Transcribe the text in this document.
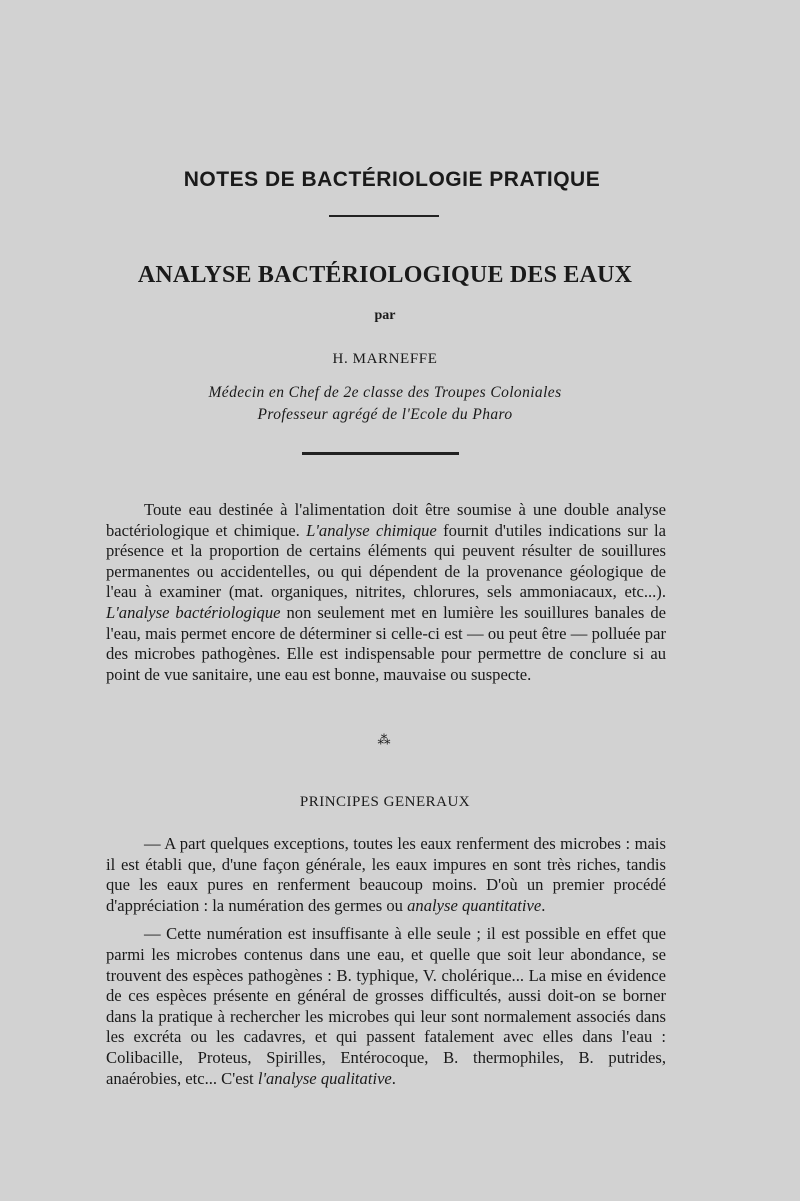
NOTES DE BACTÉRIOLOGIE PRATIQUE
ANALYSE BACTÉRIOLOGIQUE DES EAUX
par
H. MARNEFFE
Médecin en Chef de 2e classe des Troupes Coloniales
Professeur agrégé de l'Ecole du Pharo

Toute eau destinée à l'alimentation doit être soumise à une double analyse bactériologique et chimique. L'analyse chimique fournit d'utiles indications sur la présence et la proportion de certains éléments qui peuvent résulter de souillures permanentes ou accidentelles, ou qui dépendent de la provenance géologique de l'eau à examiner (mat. organiques, nitrites, chlorures, sels ammoniacaux, etc...). L'analyse bactériologique non seulement met en lumière les souillures banales de l'eau, mais permet encore de déterminer si celle-ci est — ou peut être — polluée par des microbes pathogènes. Elle est indispensable pour permettre de conclure si au point de vue sanitaire, une eau est bonne, mauvaise ou suspecte.

⁂
PRINCIPES GENERAUX

— A part quelques exceptions, toutes les eaux renferment des microbes : mais il est établi que, d'une façon générale, les eaux impures en sont très riches, tandis que les eaux pures en renferment beaucoup moins. D'où un premier procédé d'appréciation : la numération des germes ou analyse quantitative.

— Cette numération est insuffisante à elle seule ; il est possible en effet que parmi les microbes contenus dans une eau, et quelle que soit leur abondance, se trouvent des espèces pathogènes : B. typhique, V. cholérique... La mise en évidence de ces espèces présente en général de grosses difficultés, aussi doit-on se borner dans la pratique à rechercher les microbes qui leur sont normalement associés dans les excréta ou les cadavres, et qui passent fatalement avec elles dans l'eau : Colibacille, Proteus, Spirilles, Entérocoque, B. thermophiles, B. putrides, anaérobies, etc... C'est l'analyse qualitative.
